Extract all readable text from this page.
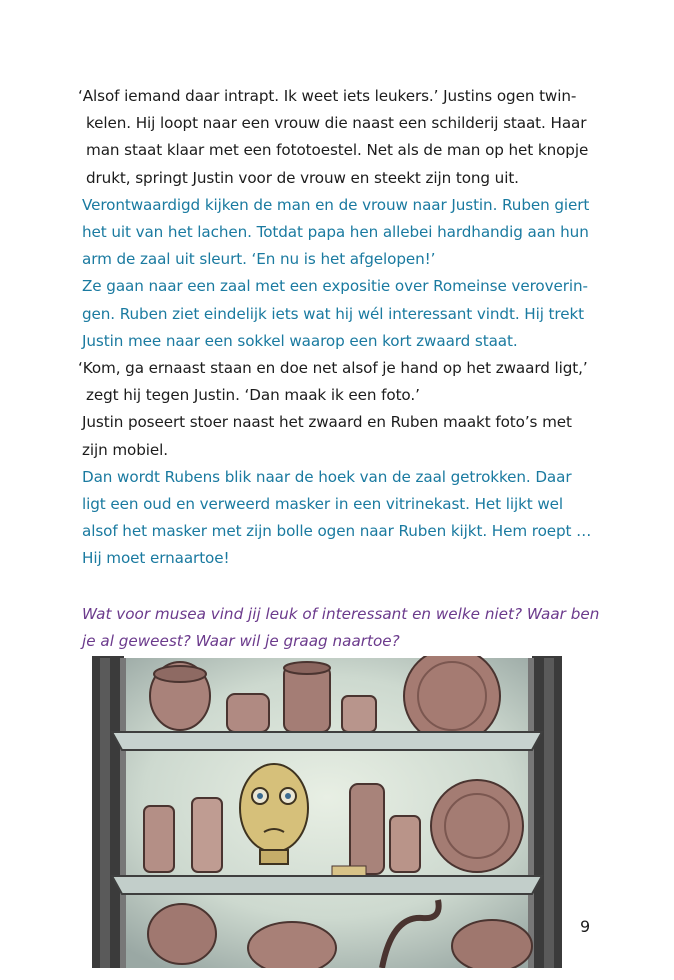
‘Alsof iemand daar intrapt. Ik weet iets leukers.’ Justins ogen twin-
kelen. Hij loopt naar een vrouw die naast een schilderij staat. Haar
man staat klaar met een fototoestel. Net als de man op het knopje
drukt, springt Justin voor de vrouw en steekt zijn tong uit.
Verontwaardigd kijken de man en de vrouw naar Justin. Ruben giert
het uit van het lachen. Totdat papa hen allebei hardhandig aan hun
arm de zaal uit sleurt. ‘En nu is het afgelopen!’
Ze gaan naar een zaal met een expositie over Romeinse veroverin-
gen. Ruben ziet eindelijk iets wat hij wél interessant vindt. Hij trekt
Justin mee naar een sokkel waarop een kort zwaard staat.
‘Kom, ga ernaast staan en doe net alsof je hand op het zwaard ligt,’
zegt hij tegen Justin. ‘Dan maak ik een foto.’
Justin poseert stoer naast het zwaard en Ruben maakt foto’s met
zijn mobiel.
Dan wordt Rubens blik naar de hoek van de zaal getrokken. Daar
ligt een oud en verweerd masker in een vitrinekast. Het lijkt wel
alsof het masker met zijn bolle ogen naar Ruben kijkt. Hem roept …
Hij moet ernaartoe!
Wat voor musea vind jij leuk of interessant en welke niet? Waar ben
je al geweest? Waar wil je graag naartoe?
9
